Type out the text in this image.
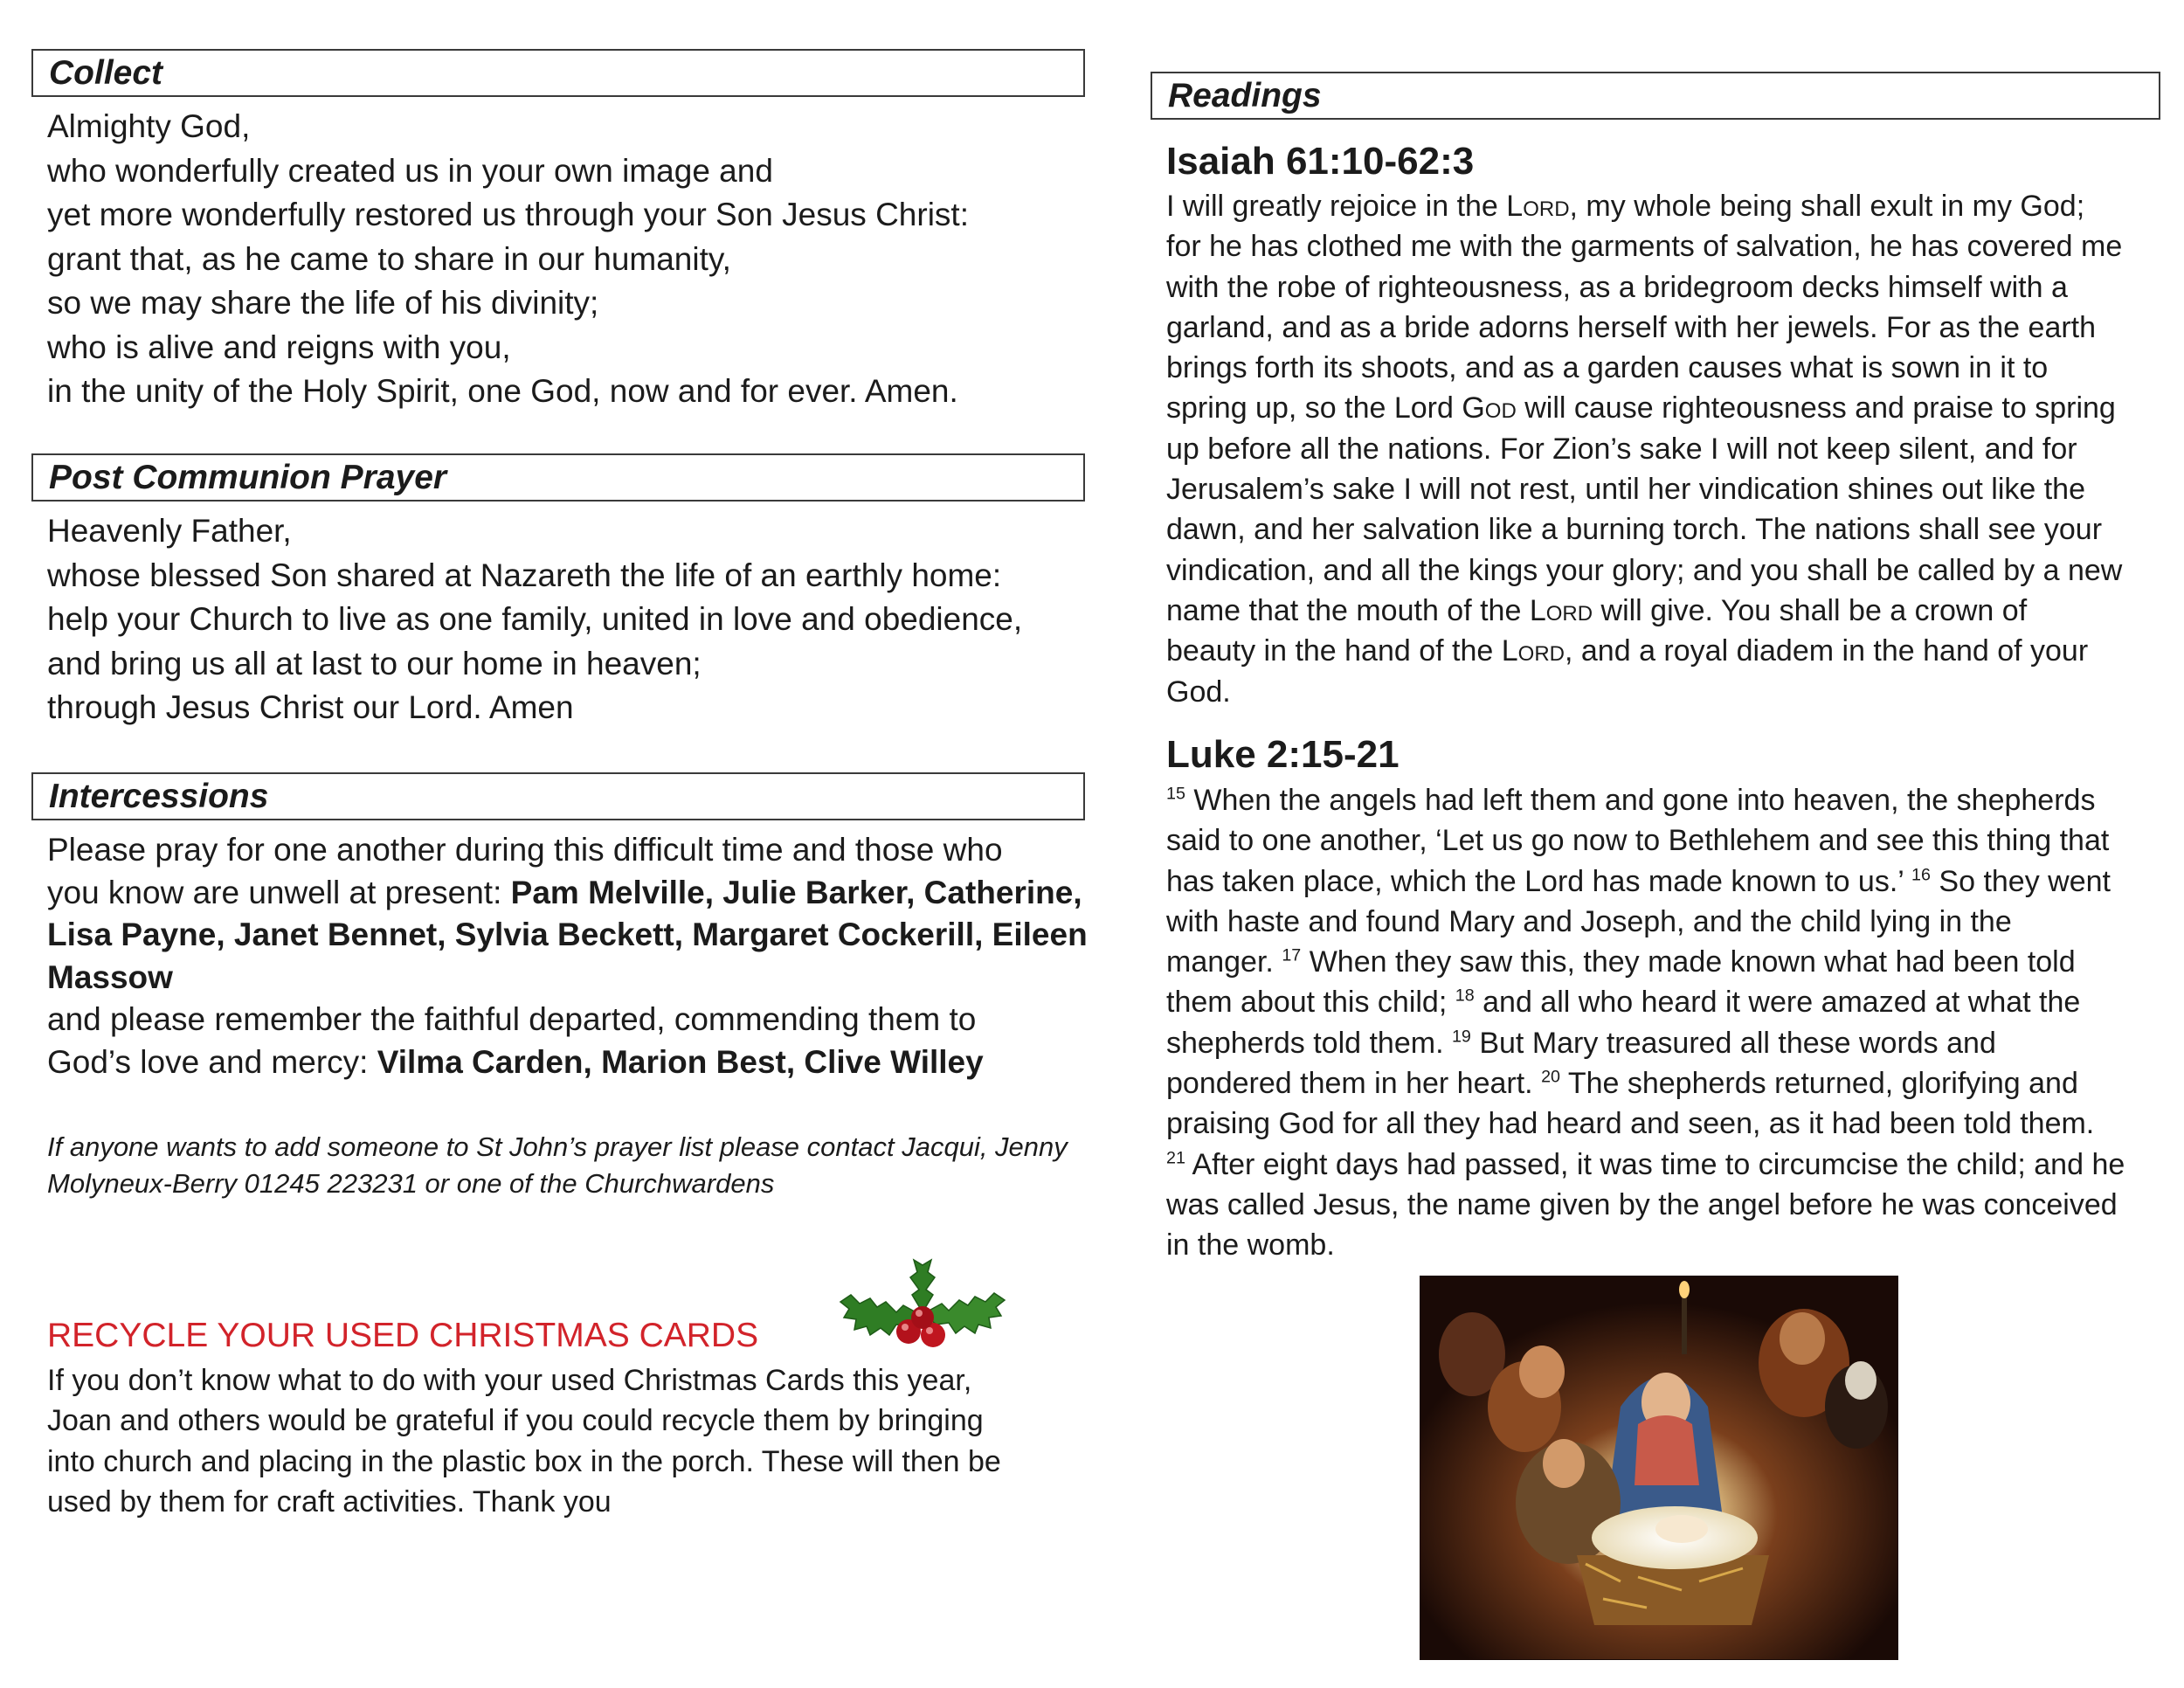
Collect
Almighty God,
who wonderfully created us in your own image and
yet more wonderfully restored us through your Son Jesus Christ:
grant that, as he came to share in our humanity,
so we may share the life of his divinity;
who is alive and reigns with you,
in the unity of the Holy Spirit, one God, now and for ever. Amen.
Post Communion Prayer
Heavenly Father,
whose blessed Son shared at Nazareth the life of an earthly home:
help your Church to live as one family, united in love and obedience,
and bring us all at last to our home in heaven;
through Jesus Christ our Lord. Amen
Intercessions
Please pray for one another during this difficult time and those who
you know are unwell at present: Pam Melville, Julie Barker, Catherine,
Lisa Payne, Janet Bennet, Sylvia Beckett, Margaret Cockerill, Eileen
Massow
and please remember the faithful departed, commending them to
God’s love and mercy: Vilma Carden, Marion Best, Clive Willey
If anyone wants to add someone to St John’s prayer list please contact Jacqui, Jenny
Molyneux-Berry 01245 223231 or one of the Churchwardens
RECYCLE YOUR USED CHRISTMAS CARDS
If you don’t know what to do with your used Christmas Cards this year,
Joan and others would be grateful if you could recycle them by bringing
into church and placing in the plastic box in the porch. These will then be
used by them for craft activities. Thank you
Readings
Isaiah 61:10-62:3
I will greatly rejoice in the Lord, my whole being shall exult in my God;
for he has clothed me with the garments of salvation, he has covered me
with the robe of righteousness, as a bridegroom decks himself with a
garland, and as a bride adorns herself with her jewels. For as the earth
brings forth its shoots, and as a garden causes what is sown in it to
spring up, so the Lord God will cause righteousness and praise to spring
up before all the nations. For Zion’s sake I will not keep silent, and for
Jerusalem’s sake I will not rest, until her vindication shines out like the
dawn, and her salvation like a burning torch. The nations shall see your
vindication, and all the kings your glory; and you shall be called by a new
name that the mouth of the Lord will give. You shall be a crown of
beauty in the hand of the Lord, and a royal diadem in the hand of your
God.
Luke 2:15-21
$^{15}$ When the angels had left them and gone into heaven, the shepherds
said to one another, ‘Let us go now to Bethlehem and see this thing that
has taken place, which the Lord has made known to us.’ $^{16}$ So they went
with haste and found Mary and Joseph, and the child lying in the
manger. $^{17}$ When they saw this, they made known what had been told
them about this child; $^{18}$ and all who heard it were amazed at what the
shepherds told them. $^{19}$ But Mary treasured all these words and
pondered them in her heart. $^{20}$ The shepherds returned, glorifying and
praising God for all they had heard and seen, as it had been told them.
$^{21}$ After eight days had passed, it was time to circumcise the child; and he
was called Jesus, the name given by the angel before he was conceived
in the womb.
